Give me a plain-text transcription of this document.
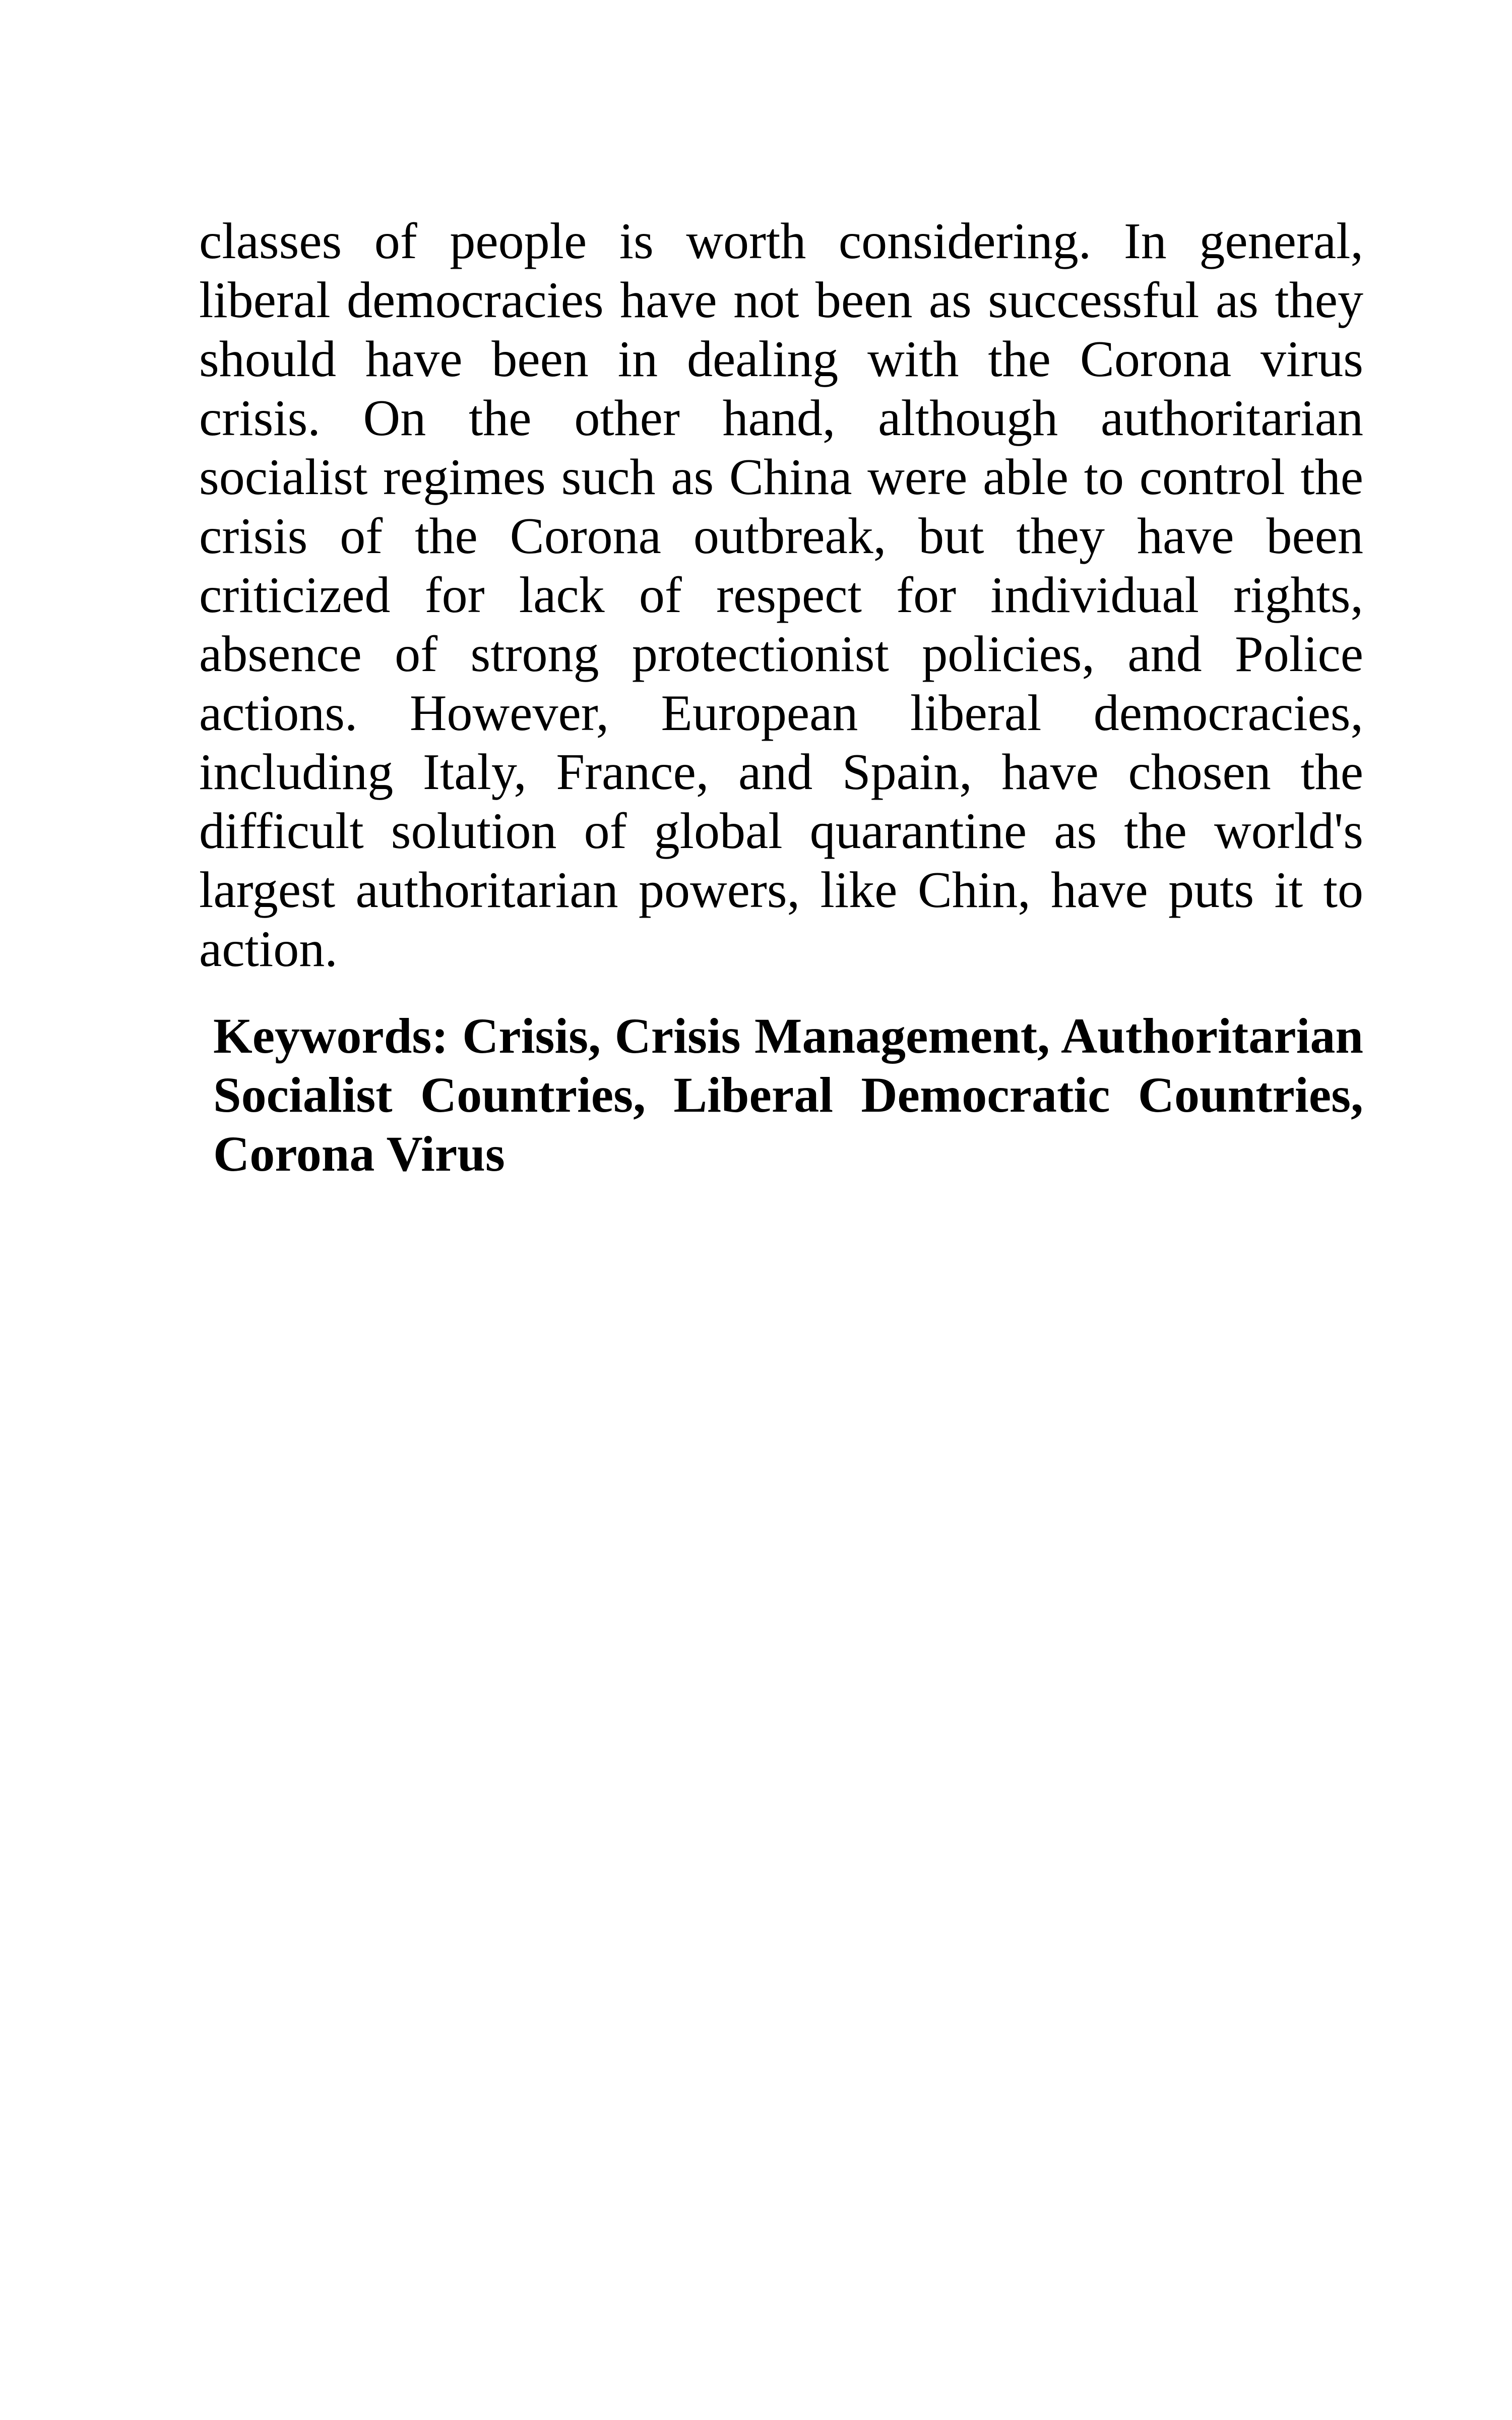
classes of people is worth considering. In general, liberal democracies have not been as successful as they should have been in dealing with the Corona virus crisis. On the other hand, although authoritarian socialist regimes such as China were able to control the crisis of the Corona outbreak, but they have been criticized for lack of respect for individual rights, absence of strong protectionist policies, and Police actions. However, European liberal democracies, including Italy, France, and Spain, have chosen the difficult solution of global quarantine as the world's largest authoritarian powers, like Chin, have puts it to action.

Keywords: Crisis, Crisis Management, Authoritarian Socialist Countries, Liberal Democratic Countries, Corona Virus
